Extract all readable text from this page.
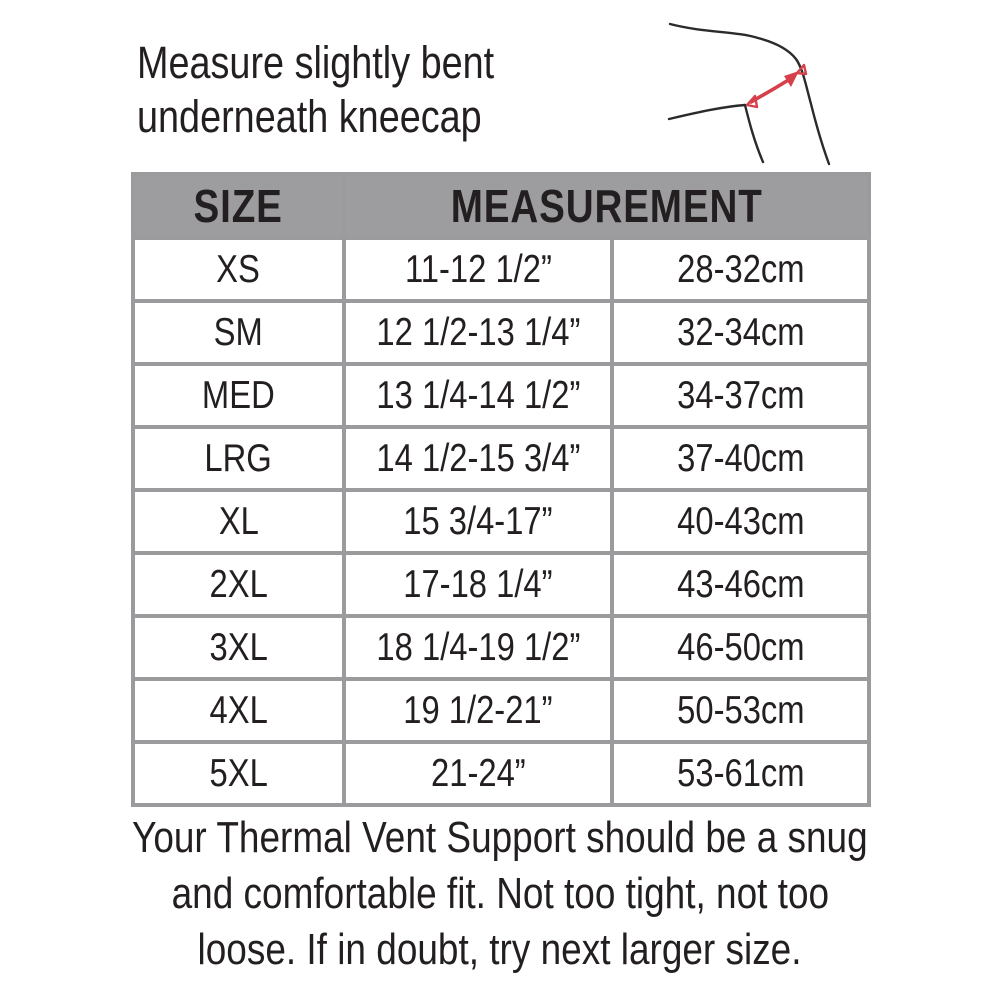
Measure slightly bent
underneath kneecap
SIZE	MEASUREMENT	
XS	11-12 1/2”	28-32cm
SM	12 1/2-13 1/4”	32-34cm
MED	13 1/4-14 1/2”	34-37cm
LRG	14 1/2-15 3/4”	37-40cm
XL	15 3/4-17”	40-43cm
2XL	17-18 1/4”	43-46cm
3XL	18 1/4-19 1/2”	46-50cm
4XL	19 1/2-21”	50-53cm
5XL	21-24”	53-61cm
Your Thermal Vent Support should be a snug
and comfortable fit. Not too tight, not too
loose. If in doubt, try next larger size.
